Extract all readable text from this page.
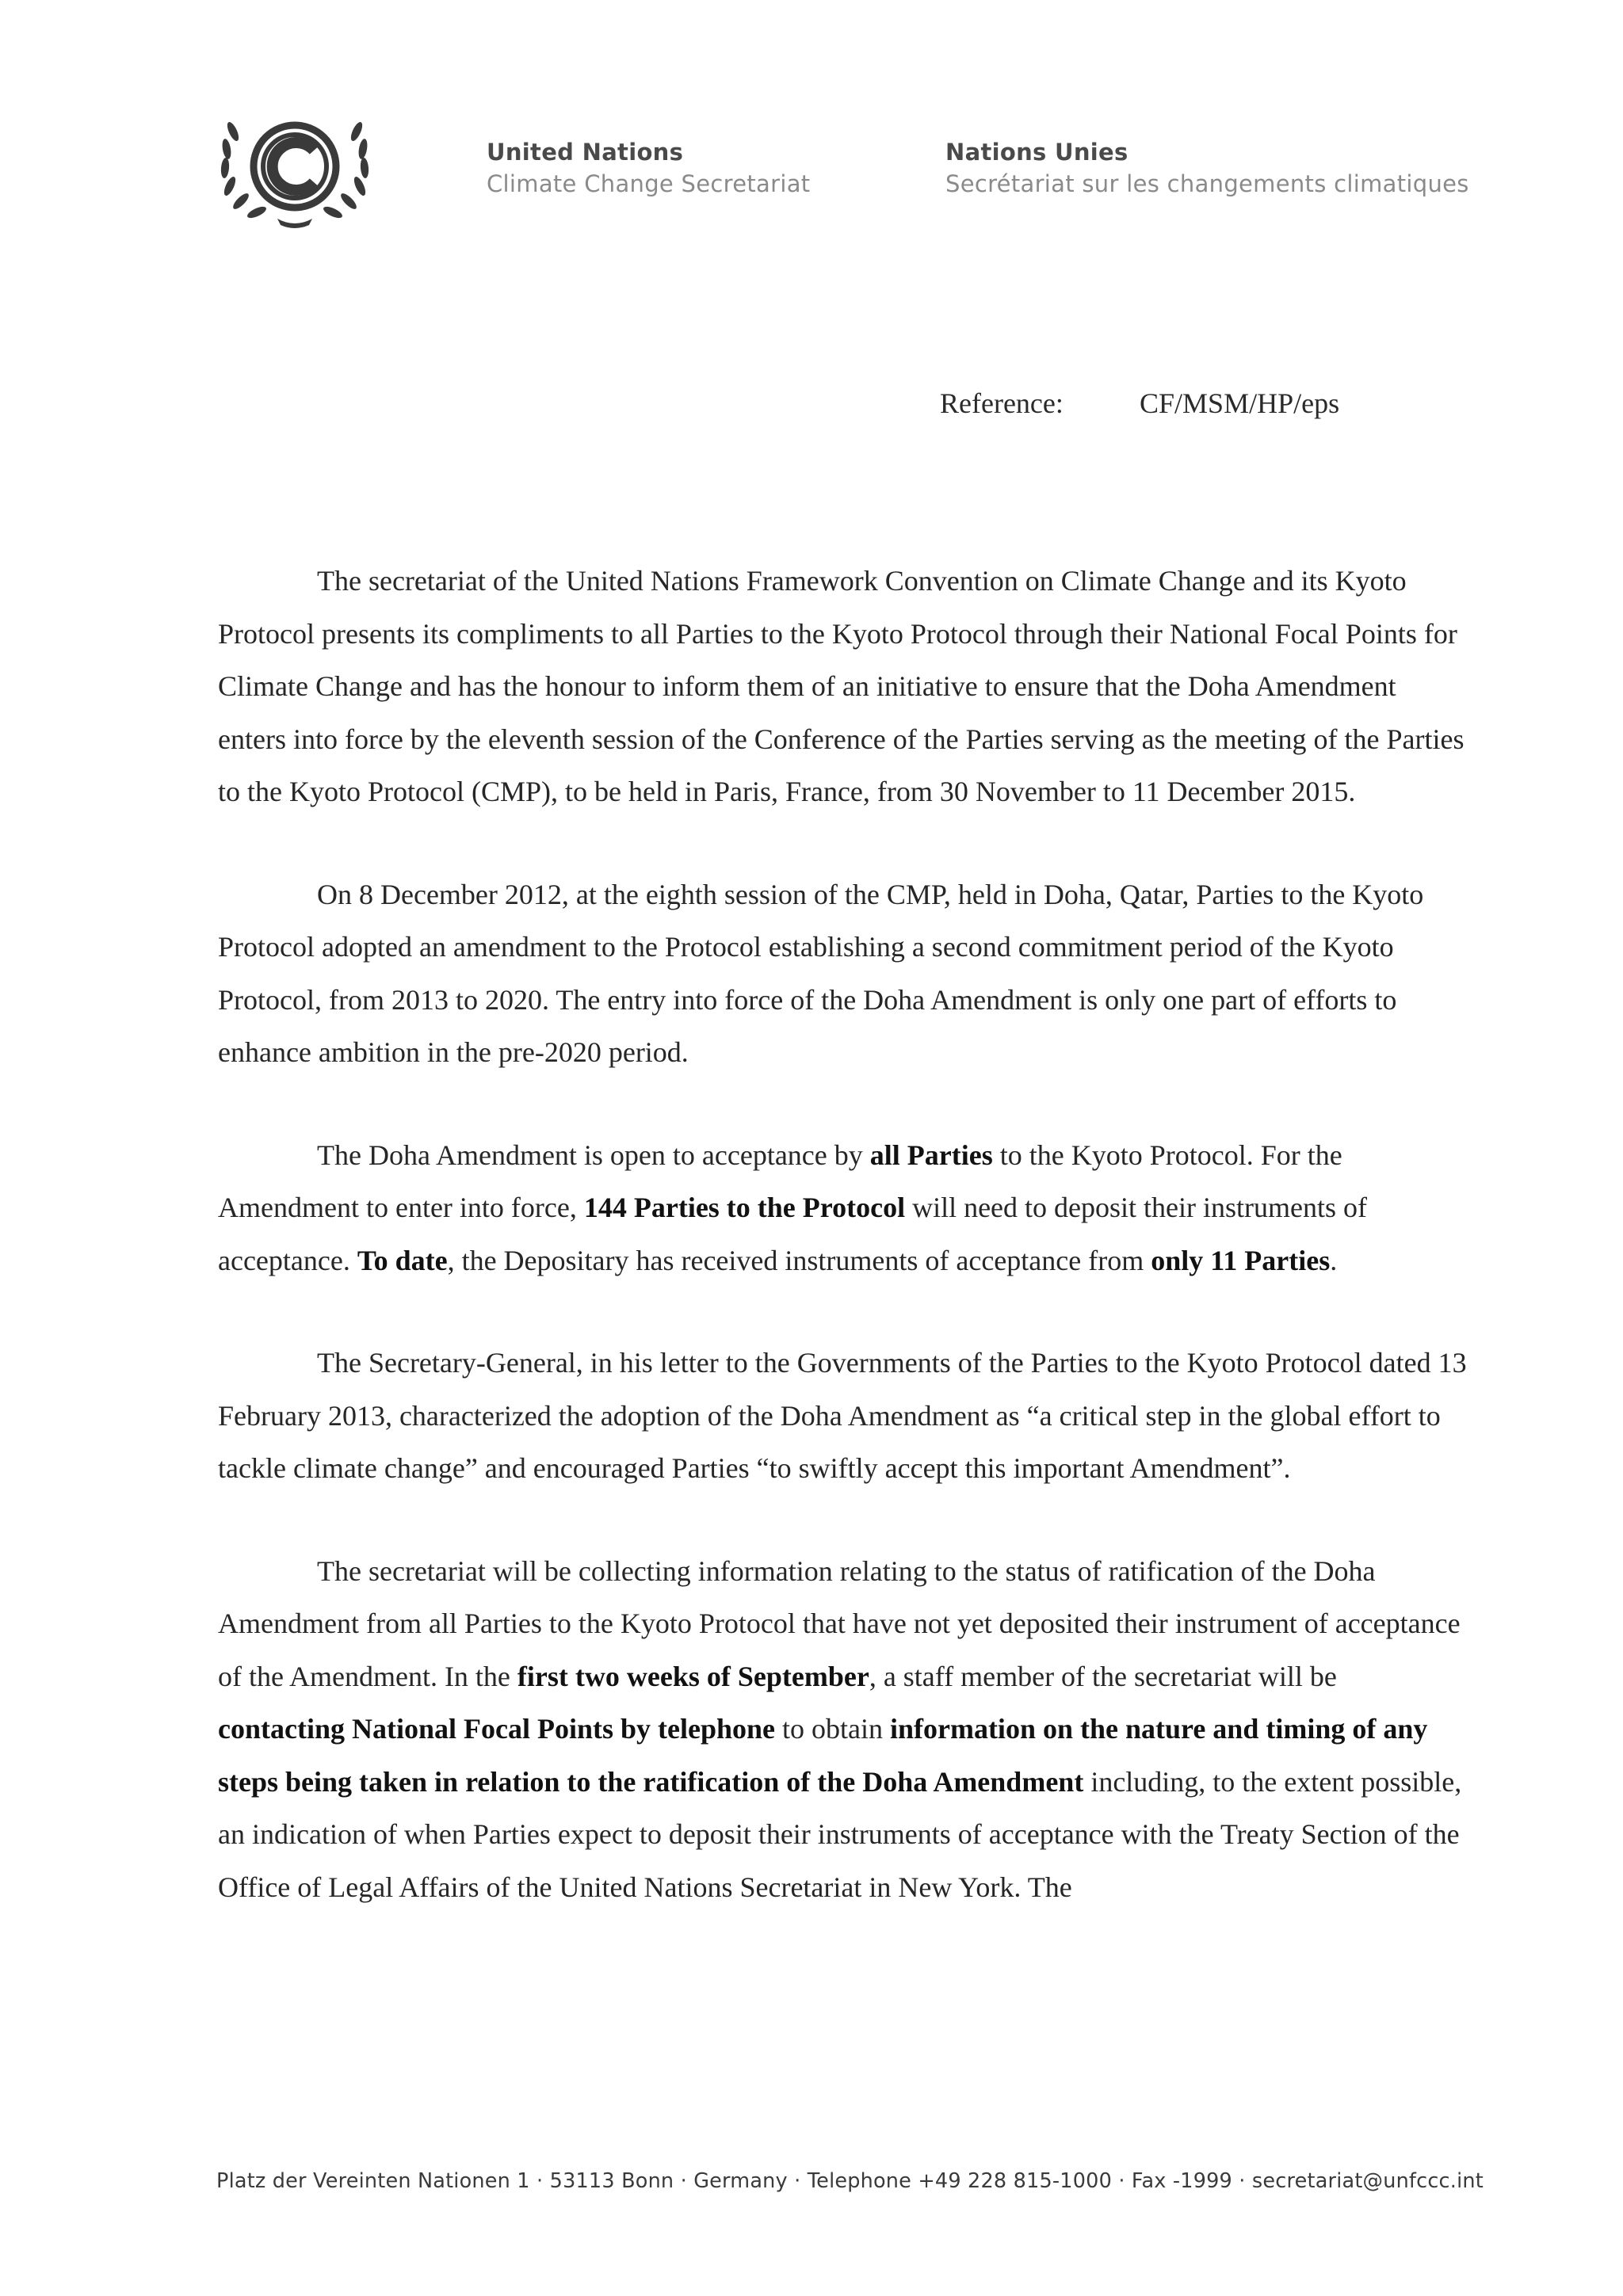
United Nations
Climate Change Secretariat
Nations Unies
Secrétariat sur les changements climatiques
Reference:	CF/MSM/HP/eps

The secretariat of the United Nations Framework Convention on Climate Change and its Kyoto Protocol presents its compliments to all Parties to the Kyoto Protocol through their National Focal Points for Climate Change and has the honour to inform them of an initiative to ensure that the Doha Amendment enters into force by the eleventh session of the Conference of the Parties serving as the meeting of the Parties to the Kyoto Protocol (CMP), to be held in Paris, France, from 30 November to 11 December 2015.

On 8 December 2012, at the eighth session of the CMP, held in Doha, Qatar, Parties to the Kyoto Protocol adopted an amendment to the Protocol establishing a second commitment period of the Kyoto Protocol, from 2013 to 2020. The entry into force of the Doha Amendment is only one part of efforts to enhance ambition in the pre-2020 period.

The Doha Amendment is open to acceptance by all Parties to the Kyoto Protocol. For the Amendment to enter into force, 144 Parties to the Protocol will need to deposit their instruments of acceptance. To date, the Depositary has received instruments of acceptance from only 11 Parties.

The Secretary-General, in his letter to the Governments of the Parties to the Kyoto Protocol dated 13 February 2013, characterized the adoption of the Doha Amendment as “a critical step in the global effort to tackle climate change” and encouraged Parties “to swiftly accept this important Amendment”.

The secretariat will be collecting information relating to the status of ratification of the Doha Amendment from all Parties to the Kyoto Protocol that have not yet deposited their instrument of acceptance of the Amendment. In the first two weeks of September, a staff member of the secretariat will be contacting National Focal Points by telephone to obtain information on the nature and timing of any steps being taken in relation to the ratification of the Doha Amendment including, to the extent possible, an indication of when Parties expect to deposit their instruments of acceptance with the Treaty Section of the Office of Legal Affairs of the United Nations Secretariat in New York. The

Platz der Vereinten Nationen 1 · 53113 Bonn · Germany · Telephone +49 228 815-1000 · Fax -1999 · secretariat@unfccc.int
